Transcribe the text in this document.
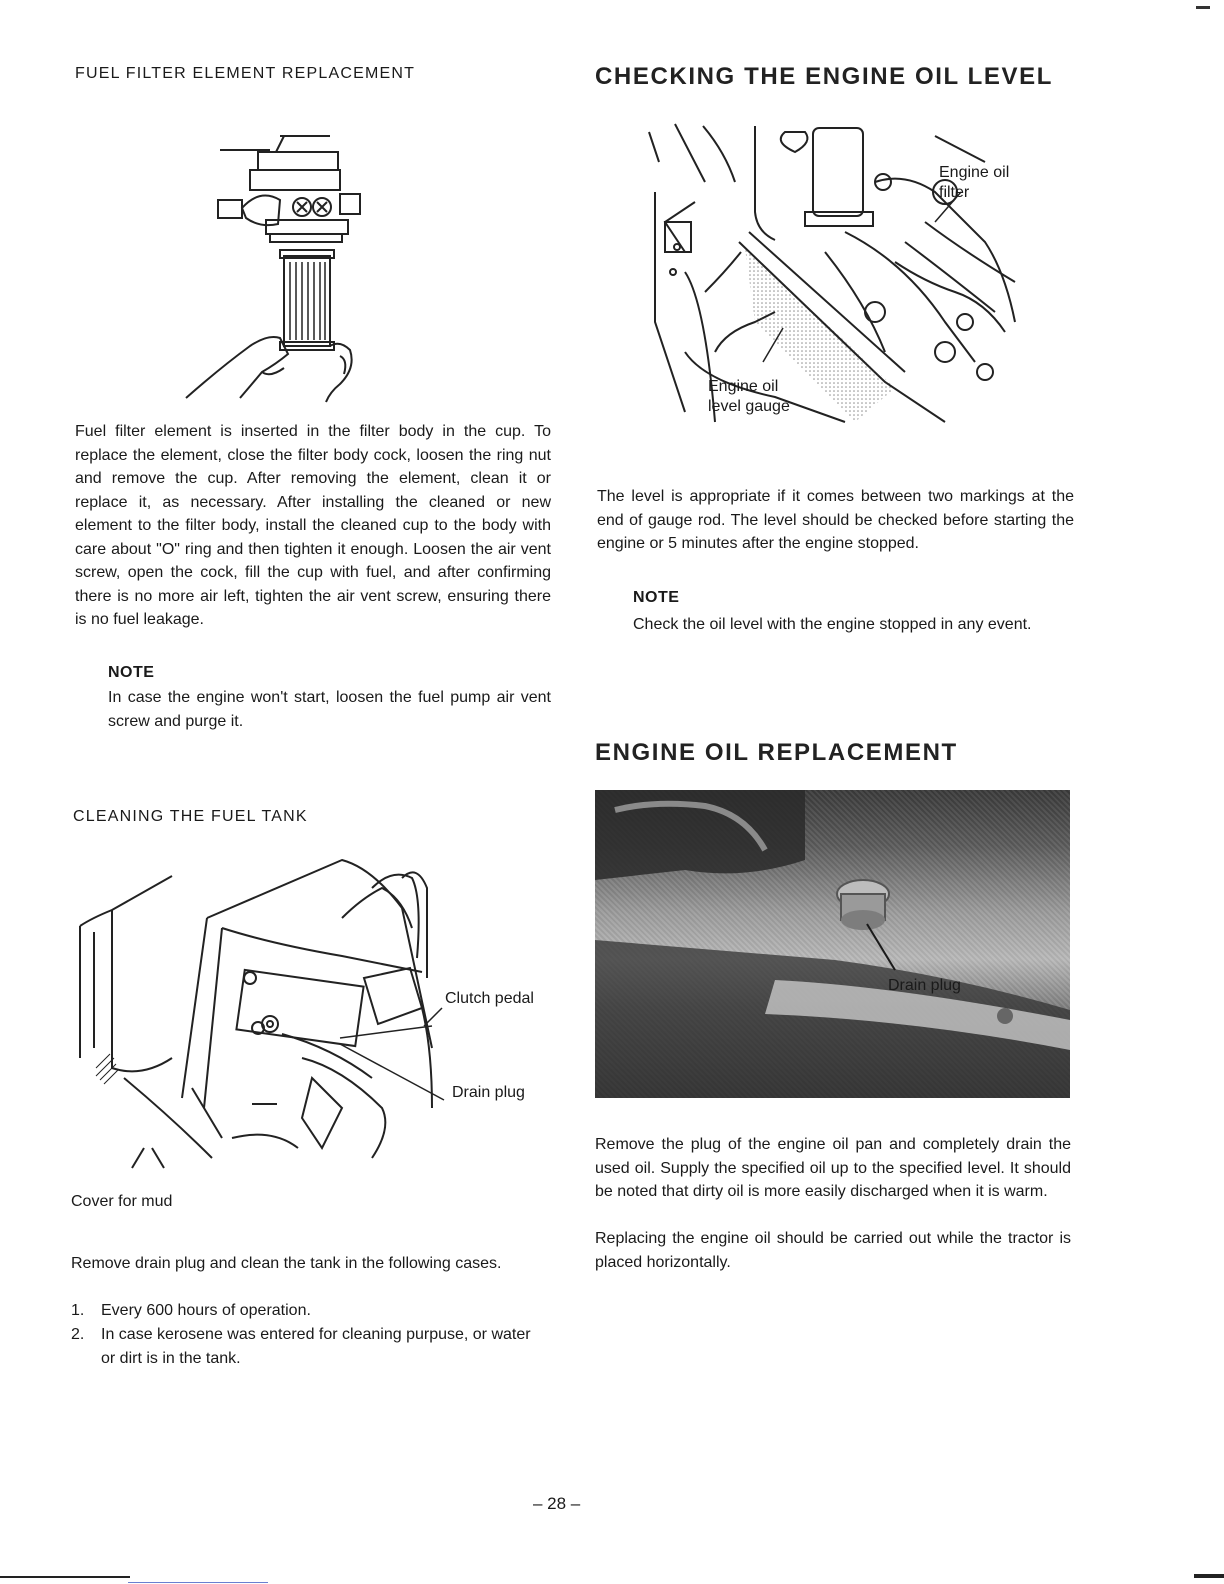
FUEL FILTER ELEMENT REPLACEMENT
Fuel filter element is inserted in the filter body in the cup. To replace the element, close the filter body cock, loosen the ring nut and remove the cup. After removing the element, clean it or replace it, as necessary. After installing the cleaned or new element to the filter body, install the cleaned cup to the body with care about "O" ring and then tighten it enough. Loosen the air vent screw, open the cock, fill the cup with fuel, and after confirming there is no more air left, tighten the air vent screw, ensuring there is no fuel leakage.
NOTE
In case the engine won't start, loosen the fuel pump air vent screw and purge it.
CLEANING THE FUEL TANK
Clutch pedal
Drain plug
Cover for mud
Remove drain plug and clean the tank in the following cases.
1. Every 600 hours of operation.
2. In case kerosene was entered for cleaning purpuse, or water or dirt is in the tank.
CHECKING THE ENGINE OIL LEVEL
Engine oil
filter
Engine oil
level gauge
The level is appropriate if it comes between two markings at the end of gauge rod. The level should be checked before starting the engine or 5 minutes after the engine stopped.
NOTE
Check the oil level with the engine stopped in any event.
ENGINE OIL REPLACEMENT
Drain plug
Remove the plug of the engine oil pan and completely drain the used oil. Supply the specified oil up to the specified level. It should be noted that dirty oil is more easily discharged when it is warm.
Replacing the engine oil should be carried out while the tractor is placed horizontally.
– 28 –
